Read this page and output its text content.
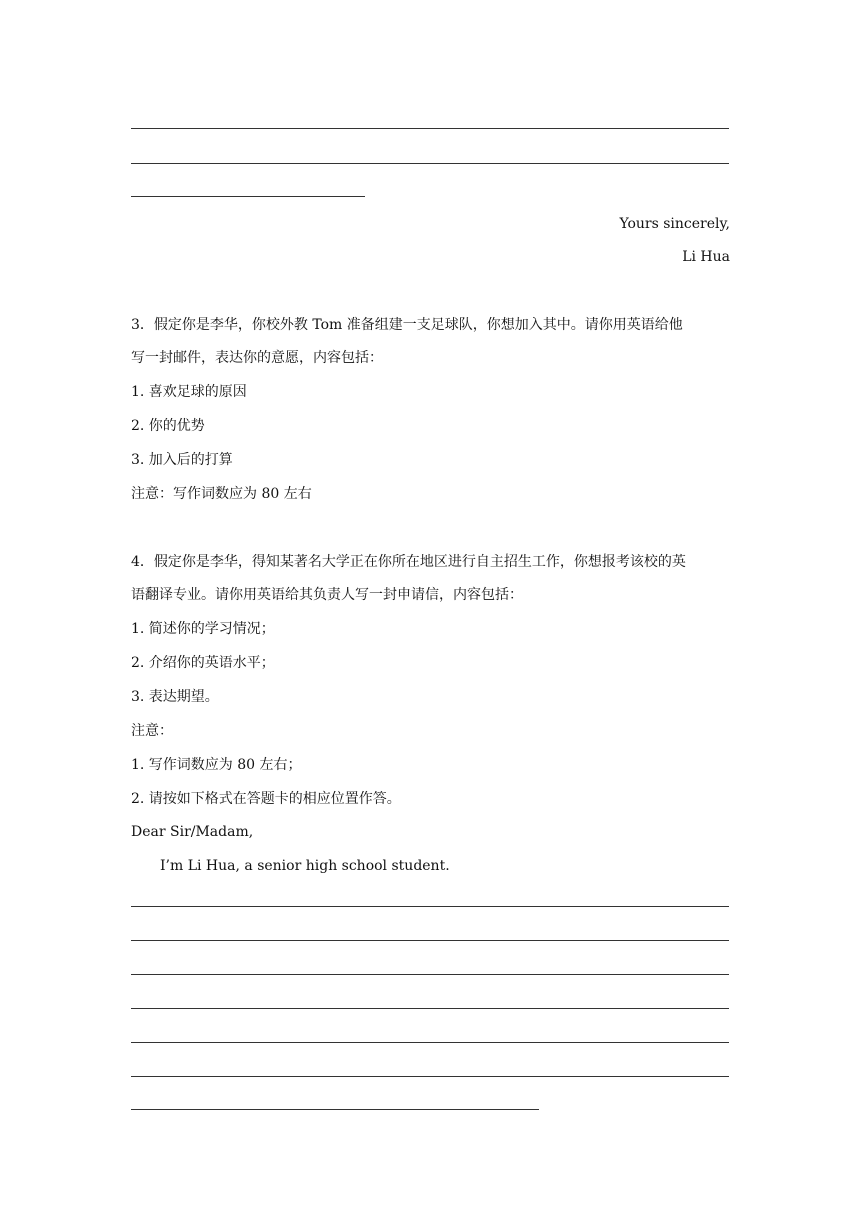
Yours sincerely,
Li Hua
3．假定你是李华，你校外教 Tom 准备组建一支足球队，你想加入其中。请你用英语给他
写一封邮件，表达你的意愿，内容包括：
1. 喜欢足球的原因
2. 你的优势
3. 加入后的打算
注意：写作词数应为 80 左右
4．假定你是李华，得知某著名大学正在你所在地区进行自主招生工作，你想报考该校的英
语翻译专业。请你用英语给其负责人写一封申请信，内容包括：
1. 简述你的学习情况；
2. 介绍你的英语水平；
3. 表达期望。
注意：
1. 写作词数应为 80 左右；
2. 请按如下格式在答题卡的相应位置作答。
Dear Sir/Madam,
I’m Li Hua, a senior high school student.
